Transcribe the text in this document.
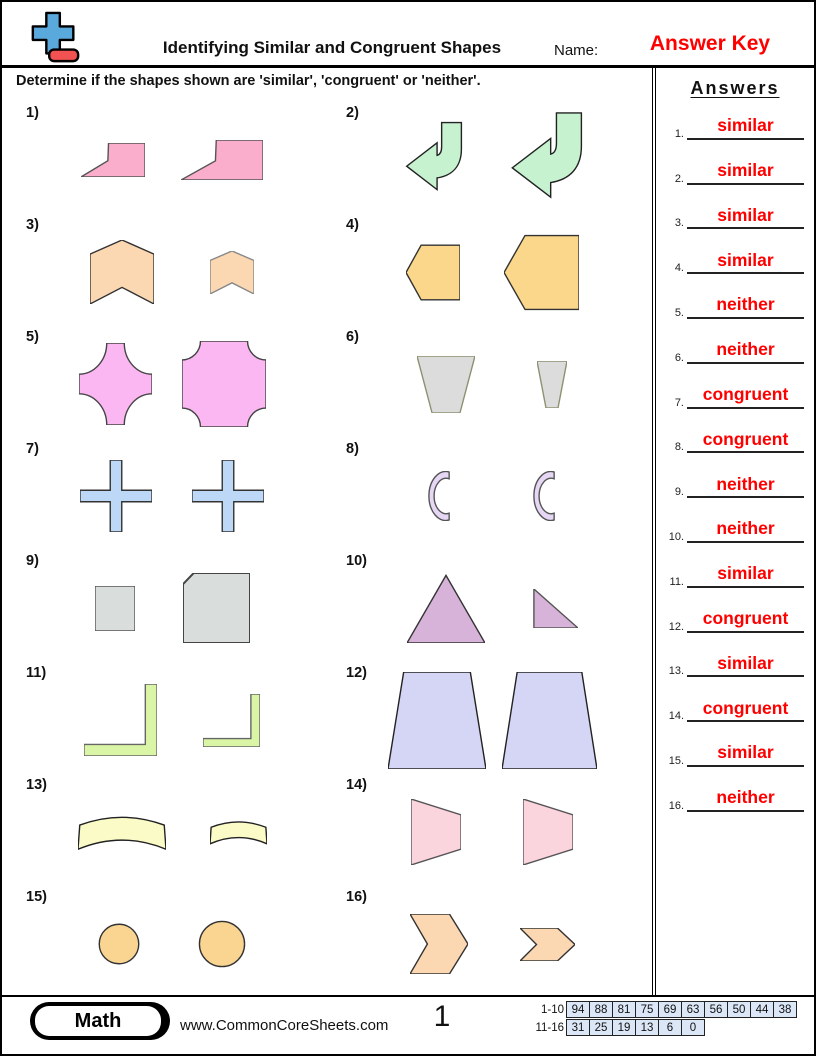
Identifying Similar and Congruent Shapes	Name:	Answer Key
Determine if the shapes shown are 'similar', 'congruent' or 'neither'.
1)	2)
3)	4)
5)	6)
7)	8)
9)	10)
11)	12)
13)	14)
15)	16)
Answers
1.	similar
2.	similar
3.	similar
4.	similar
5.	neither
6.	neither
7.	congruent
8.	congruent
9.	neither
10.	neither
11.	similar
12.	congruent
13.	similar
14.	congruent
15.	similar
16.	neither
Math	www.CommonCoreSheets.com	1	1-10 94 88 81 75 69 63 56 50 44 38
11-16 31 25 19 13	6	0
